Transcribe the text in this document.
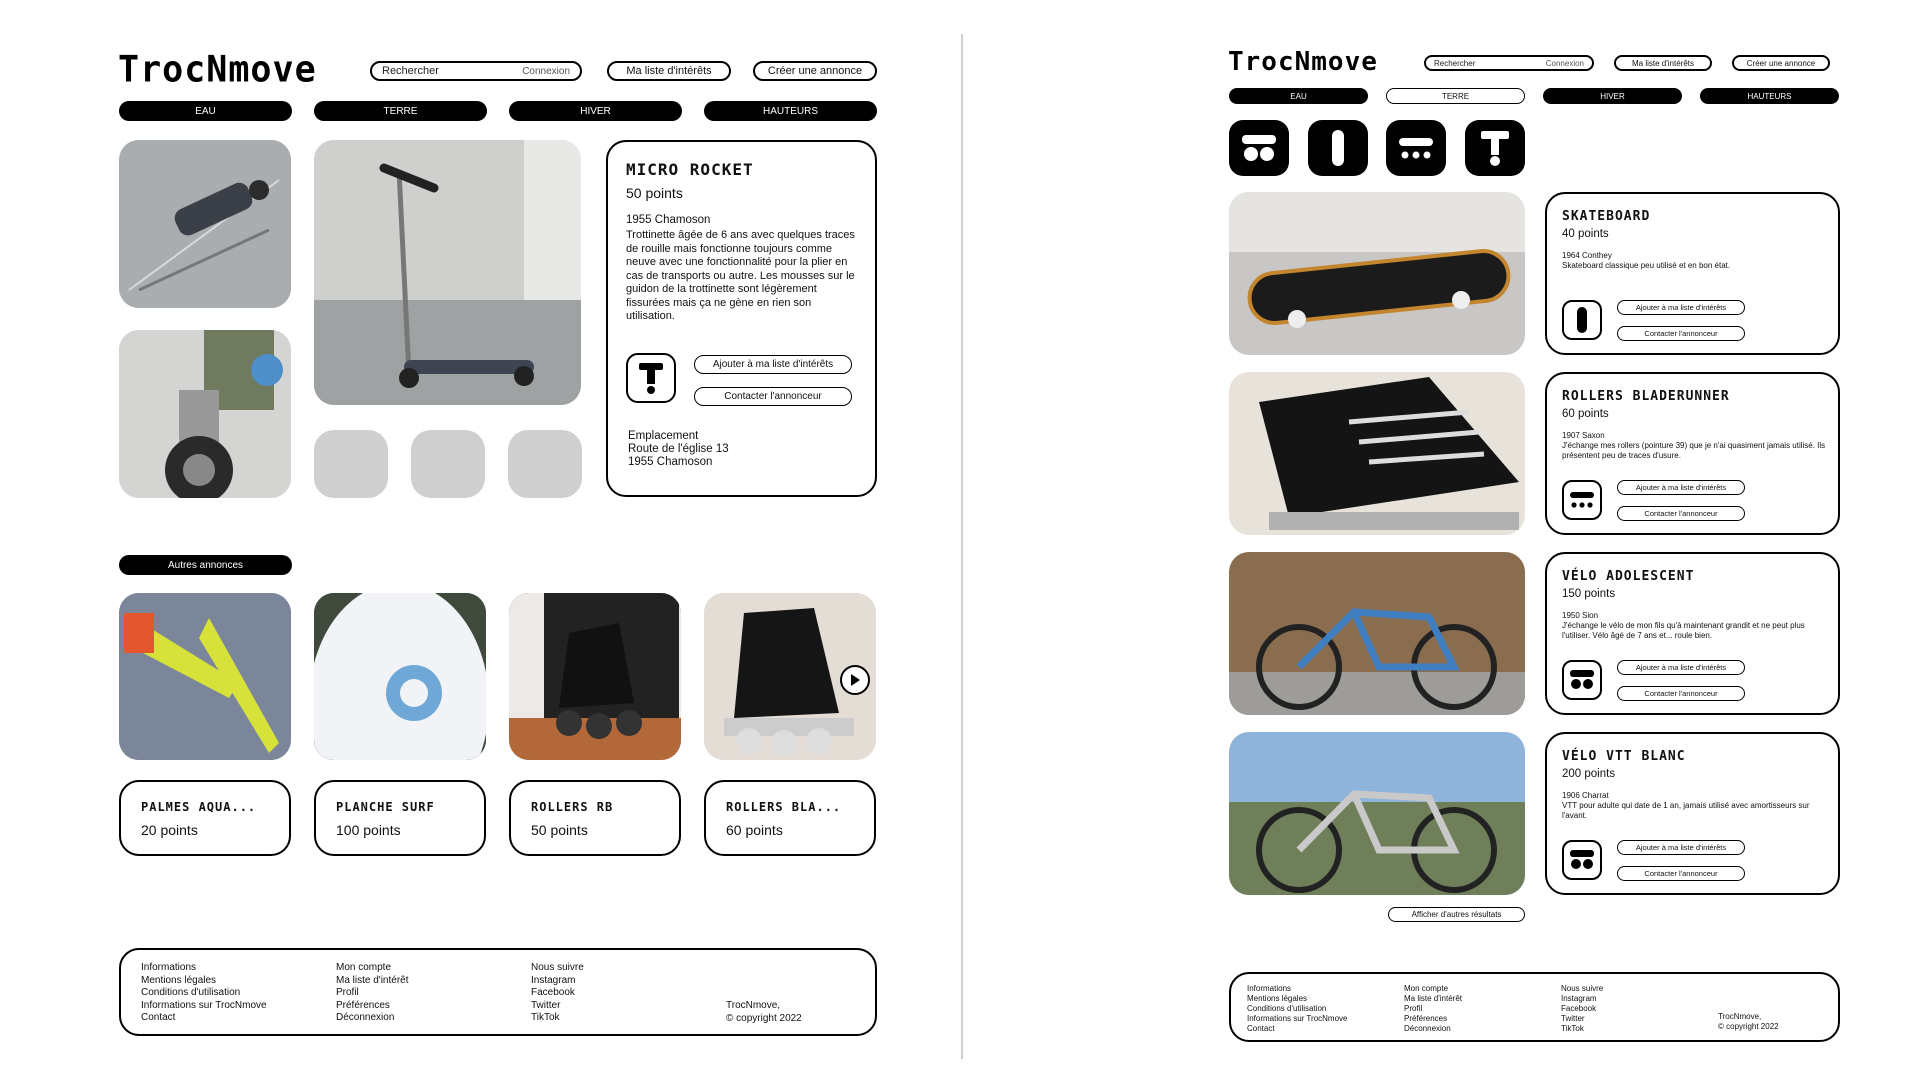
TrocNmove	Rechercher	Connexion	Ma liste d'intérêts	Créer une annonce
EAU	TERRE	HIVER	HAUTEURS
MICRO ROCKET
50 points
1955 Chamoson
Trottinette âgée de 6 ans avec quelques traces de rouille mais fonctionne toujours comme neuve avec une fonctionnalité pour la plier en cas de transports ou autre. Les mousses sur le guidon de la trottinette sont légèrement fissurées mais ça ne gène en rien son utilisation.
Ajouter à ma liste d'intérêts
Contacter l'annonceur
Emplacement
Route de l'église 13
1955 Chamoson
Autres annonces
PALMES AQUA...
20 points
PLANCHE SURF
100 points
ROLLERS RB
50 points
ROLLERS BLA...
60 points
Informations
Mentions légales
Conditions d'utilisation
Informations sur TrocNmove
Contact
Mon compte
Ma liste d'intérêt
Profil
Préférences
Déconnexion
Nous suivre
Instagram
Facebook
Twitter
TikTok
TrocNmove,
© copyright 2022
TrocNmove	Rechercher	Connexion	Ma liste d'intérêts	Créer une annonce
EAU	TERRE	HIVER	HAUTEURS
SKATEBOARD
40 points
1964 Conthey
Skateboard classique peu utilisé et en bon état.
Ajouter à ma liste d'intérêts
Contacter l'annonceur
ROLLERS BLADERUNNER
60 points
1907 Saxon
J'échange mes rollers (pointure 39) que je n'ai quasiment jamais utilisé. Ils présentent peu de traces d'usure.
Ajouter à ma liste d'intérêts
Contacter l'annonceur
VÉLO ADOLESCENT
150 points
1950 Sion
J'échange le vélo de mon fils qu'à maintenant grandit et ne peut plus l'utiliser. Vélo âgé de 7 ans et... roule bien.
Ajouter à ma liste d'intérêts
Contacter l'annonceur
VÉLO VTT BLANC
200 points
1906 Charrat
VTT pour adulte qui date de 1 an, jamais utilisé avec amortisseurs sur l'avant.
Ajouter à ma liste d'intérêts
Contacter l'annonceur
Afficher d'autres résultats
Informations
Mentions légales
Conditions d'utilisation
Informations sur TrocNmove
Contact
Mon compte
Ma liste d'intérêt
Profil
Préférences
Déconnexion
Nous suivre
Instagram
Facebook
Twitter
TikTok
TrocNmove,
© copyright 2022
